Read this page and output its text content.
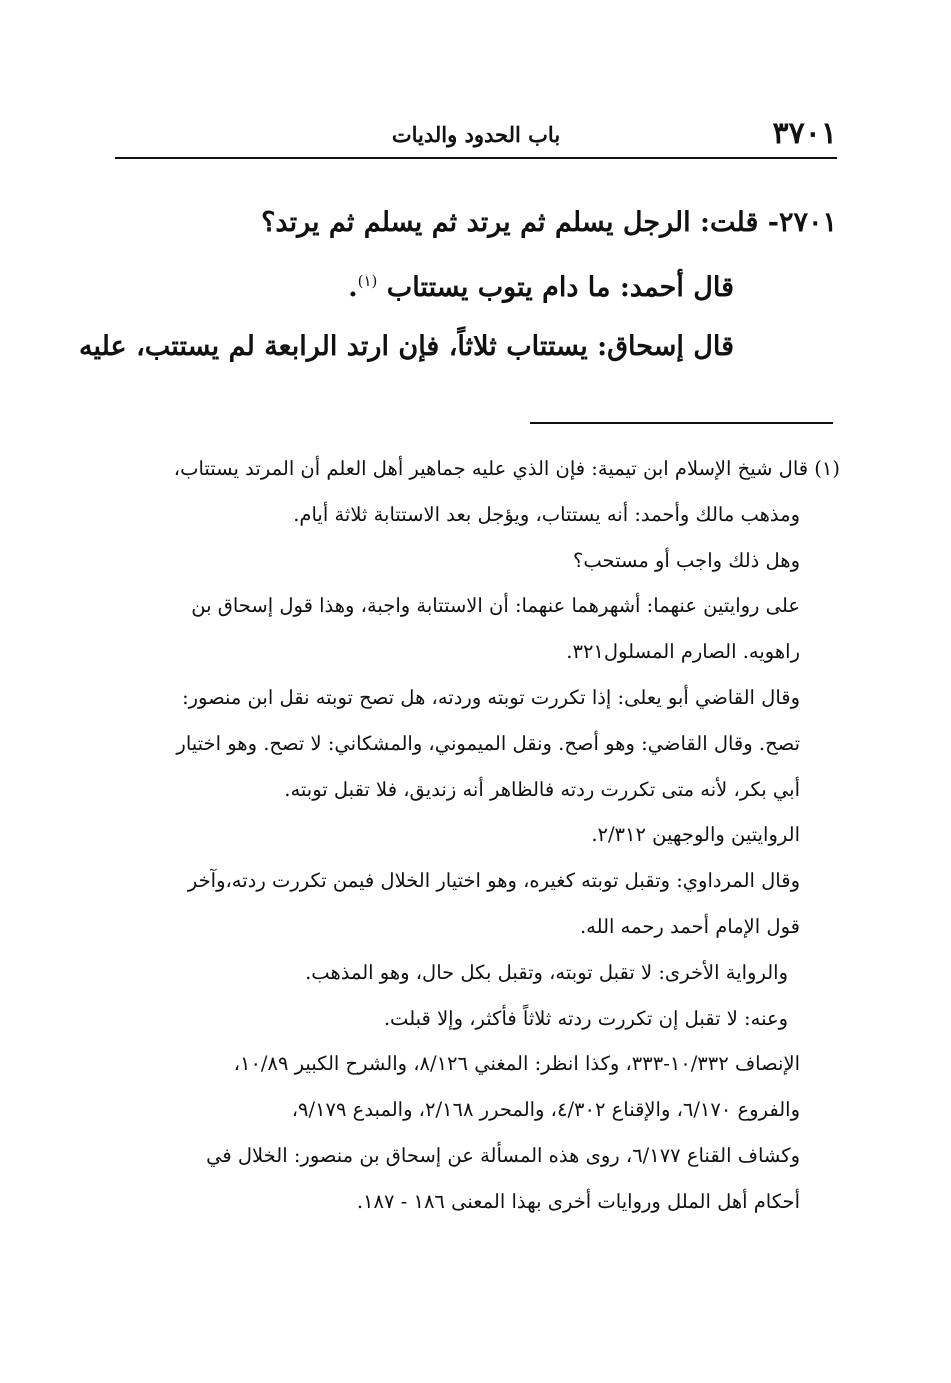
٣٧٠١
باب الحدود والديات

٢٧٠١- قلت: الرجل يسلم ثم يرتد ثم يسلم ثم يرتد؟

قال أحمد: ما دام يتوب يستتاب $^{(١)}$.

قال إسحاق: يستتاب ثلاثاً، فإن ارتد الرابعة لم يستتب، عليه

(١) قال شيخ الإسلام ابن تيمية: فإن الذي عليه جماهير أهل العلم أن المرتد يستتاب،

ومذهب مالك وأحمد: أنه يستتاب، ويؤجل بعد الاستتابة ثلاثة أيام.

وهل ذلك واجب أو مستحب؟

على روايتين عنهما: أشهرهما عنهما: أن الاستتابة واجبة، وهذا قول إسحاق بن

راهويه. الصارم المسلول٣٢١.

وقال القاضي أبو يعلى: إذا تكررت توبته وردته، هل تصح توبته نقل ابن منصور:

تصح. وقال القاضي: وهو أصح. ونقل الميموني، والمشكاني: لا تصح. وهو اختيار

أبي بكر، لأنه متى تكررت ردته فالظاهر أنه زنديق، فلا تقبل توبته.

الروايتين والوجهين ٢/٣١٢.

وقال المرداوي: وتقبل توبته كغيره، وهو اختيار الخلال فيمن تكررت ردته،وآخر

قول الإمام أحمد رحمه الله.

والرواية الأخرى: لا تقبل توبته، وتقبل بكل حال، وهو المذهب.

وعنه: لا تقبل إن تكررت ردته ثلاثاً فأكثر، وإلا قبلت.

الإنصاف ١٠/٣٣٢-٣٣٣، وكذا انظر: المغني ٨/١٢٦، والشرح الكبير ١٠/٨٩،

والفروع ٦/١٧٠، والإقناع ٤/٣٠٢، والمحرر ٢/١٦٨، والمبدع ٩/١٧٩،

وكشاف القناع ٦/١٧٧، روى هذه المسألة عن إسحاق بن منصور: الخلال في

أحكام أهل الملل وروايات أخرى بهذا المعنى ١٨٦ - ١٨٧.
